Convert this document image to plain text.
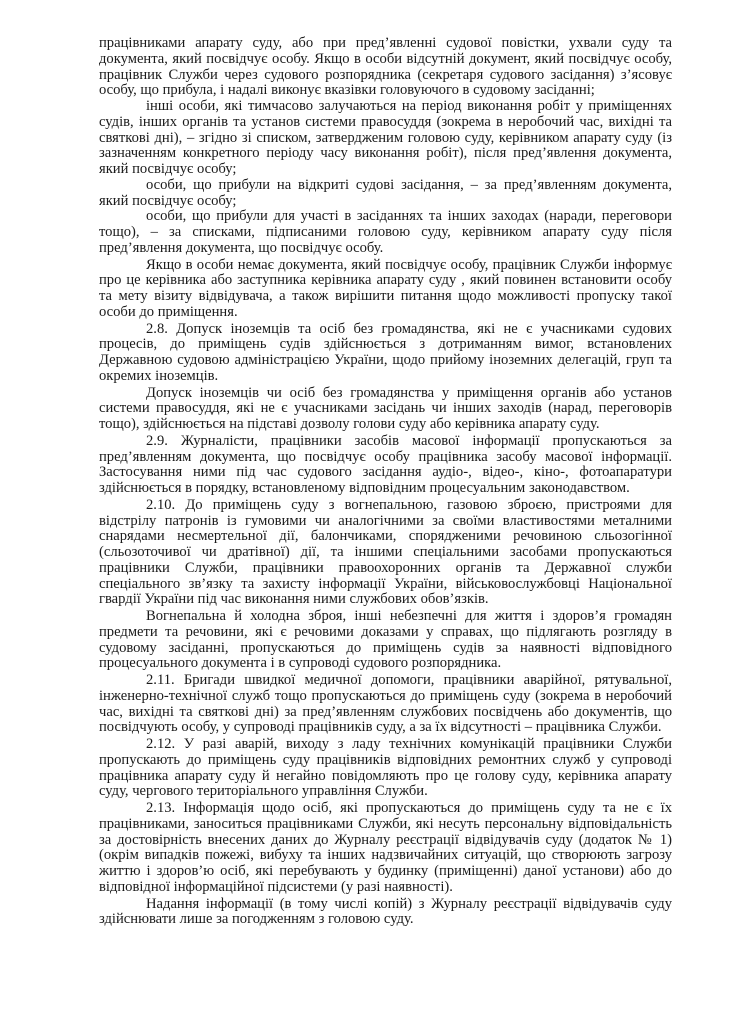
працівниками апарату суду, або при пред’явленні судової повістки, ухвали суду та документа, який посвідчує особу. Якщо в особи відсутній документ, який посвідчує особу, працівник Служби через судового розпорядника (секретаря судового засідання) з’ясовує особу, що прибула, і надалі виконує вказівки головуючого в судовому засіданні;

інші особи, які тимчасово залучаються на період виконання робіт у приміщеннях судів, інших органів та установ системи правосуддя (зокрема в неробочий час, вихідні та святкові дні), – згідно зі списком, затвердженим головою суду, керівником апарату суду (із зазначенням конкретного періоду часу виконання робіт), після пред’явлення документа, який посвідчує особу;

особи, що прибули на відкриті судові засідання, – за пред’явленням документа, який посвідчує особу;

особи, що прибули для участі в засіданнях та інших заходах (наради, переговори тощо), – за списками, підписаними головою суду, керівником апарату суду після пред’явлення документа, що посвідчує особу.

Якщо в особи немає документа, який посвідчує особу, працівник Служби інформує про це керівника або заступника керівника апарату суду , який повинен встановити особу та мету візиту відвідувача, а також вирішити питання щодо можливості пропуску такої особи до приміщення.

2.8. Допуск іноземців та осіб без громадянства, які не є учасниками судових процесів, до приміщень судів здійснюється з дотриманням вимог, встановлених Державною судовою адміністрацією України, щодо прийому іноземних делегацій, груп та окремих іноземців.

Допуск іноземців чи осіб без громадянства у приміщення органів або установ системи правосуддя, які не є учасниками засідань чи інших заходів (нарад, переговорів тощо), здійснюється на підставі дозволу голови суду або керівника апарату суду.

2.9. Журналісти, працівники засобів масової інформації пропускаються за пред’явленням документа, що посвідчує особу працівника засобу масової інформації. Застосування ними під час судового засідання аудіо-, відео-, кіно-, фотоапаратури здійснюється в порядку, встановленому відповідним процесуальним законодавством.

2.10. До приміщень суду з вогнепальною, газовою зброєю, пристроями для відстрілу патронів із гумовими чи аналогічними за своїми властивостями металними снарядами несмертельної дії, балончиками, спорядженими речовиною сльозогінної (сльозоточивої чи дратівної) дії, та іншими спеціальними засобами пропускаються працівники Служби, працівники правоохоронних органів та Державної служби спеціального зв’язку та захисту інформації України, військовослужбовці Національної гвардії України під час виконання ними службових обов’язків.

Вогнепальна й холодна зброя, інші небезпечні для життя і здоров’я громадян предмети та речовини, які є речовими доказами у справах, що підлягають розгляду в судовому засіданні, пропускаються до приміщень судів за наявності відповідного процесуального документа і в супроводі судового розпорядника.

2.11. Бригади швидкої медичної допомоги, працівники аварійної, рятувальної, інженерно-технічної служб тощо пропускаються до приміщень суду (зокрема в неробочий час, вихідні та святкові дні) за пред’явленням службових посвідчень або документів, що посвідчують особу, у супроводі працівників суду, а за їх відсутності – працівника Служби.

2.12. У разі аварій, виходу з ладу технічних комунікацій працівники Служби пропускають до приміщень суду працівників відповідних ремонтних служб у супроводі працівника апарату суду й негайно повідомляють про це голову суду, керівника апарату суду, чергового територіального управління Служби.

2.13. Інформація щодо осіб, які пропускаються до приміщень суду та не є їх працівниками, заноситься працівниками Служби, які несуть персональну відповідальність за достовірність внесених даних до Журналу реєстрації відвідувачів суду (додаток № 1) (окрім випадків пожежі, вибуху та інших надзвичайних ситуацій, що створюють загрозу життю і здоров’ю осіб, які перебувають у будинку (приміщенні) даної установи) або до відповідної інформаційної підсистеми (у разі наявності).

Надання інформації (в тому числі копій) з Журналу реєстрації відвідувачів суду здійснювати лише за погодженням з головою суду.
